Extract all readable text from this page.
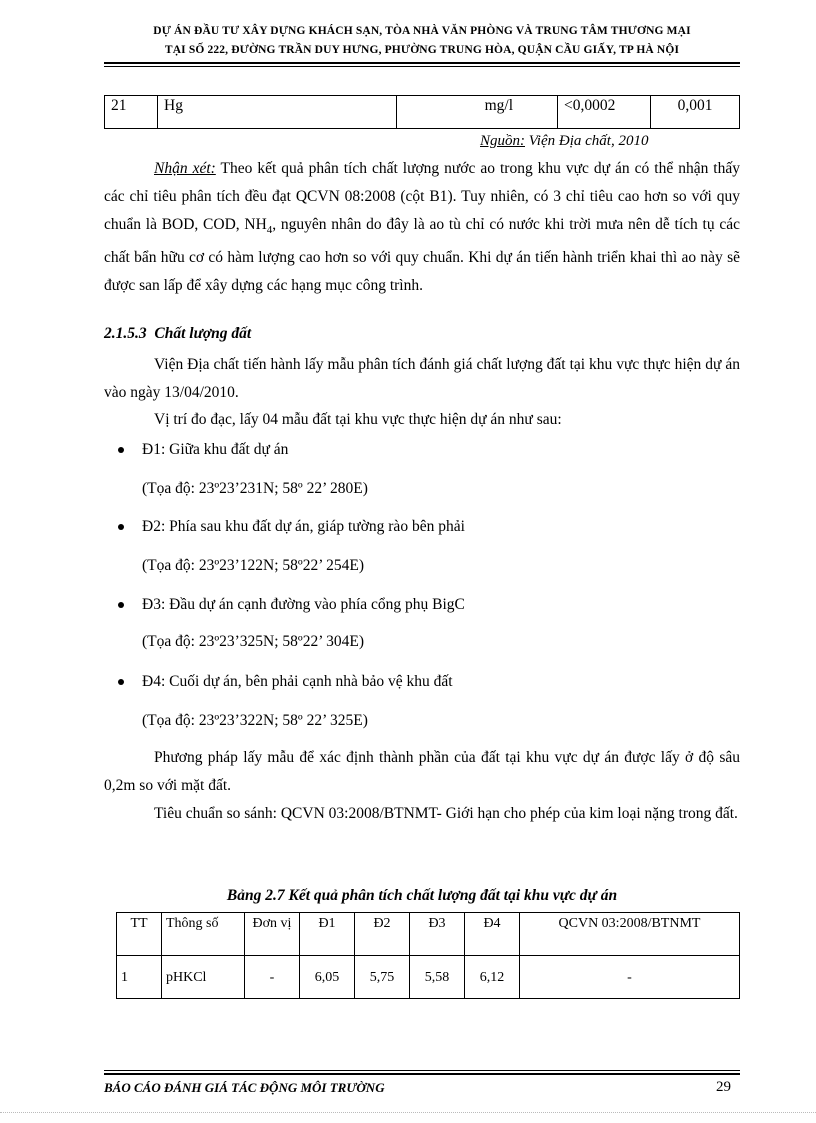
DỰ ÁN ĐẦU TƯ XÂY DỰNG KHÁCH SẠN, TÒA NHÀ VĂN PHÒNG VÀ TRUNG TÂM THƯƠNG MẠI
TẠI SỐ 222, ĐƯỜNG TRẦN DUY HƯNG, PHƯỜNG TRUNG HÒA, QUẬN CẦU GIẤY, TP HÀ NỘI
21	Hg	mg/l	<0,0002	0,001
Nguồn: Viện Địa chất, 2010
Nhận xét: Theo kết quả phân tích chất lượng nước ao trong khu vực dự án có thể nhận thấy các chỉ tiêu phân tích đều đạt QCVN 08:2008 (cột B1). Tuy nhiên, có 3 chỉ tiêu cao hơn so với quy chuẩn là BOD, COD, $NH_4$, nguyên nhân do đây là ao tù chỉ có nước khi trời mưa nên dễ tích tụ các chất bẩn hữu cơ có hàm lượng cao hơn so với quy chuẩn. Khi dự án tiến hành triển khai thì ao này sẽ được san lấp để xây dựng các hạng mục công trình.
2.1.5.3 Chất lượng đất
Viện Địa chất tiến hành lấy mẫu phân tích đánh giá chất lượng đất tại khu vực thực hiện dự án vào ngày 13/04/2010.
Vị trí đo đạc, lấy 04 mẫu đất tại khu vực thực hiện dự án như sau:
Đ1: Giữa khu đất dự án
(Tọa độ: 23º23’231N; 58º 22’ 280E)
Đ2: Phía sau khu đất dự án, giáp tường rào bên phải
(Tọa độ: 23º23’122N; 58º22’ 254E)
Đ3: Đầu dự án cạnh đường vào phía cổng phụ BigC
(Tọa độ: 23º23’325N; 58º22’ 304E)
Đ4: Cuối dự án, bên phải cạnh nhà bảo vệ khu đất
(Tọa độ: 23º23’322N; 58º 22’ 325E)
Phương pháp lấy mẫu để xác định thành phần của đất tại khu vực dự án được lấy ở độ sâu 0,2m so với mặt đất.
Tiêu chuẩn so sánh: QCVN 03:2008/BTNMT- Giới hạn cho phép của kim loại nặng trong đất.
Bảng 2.7 Kết quả phân tích chất lượng đất tại khu vực dự án
TT	Thông số	Đơn vị	Đ1	Đ2	Đ3	Đ4	QCVN 03:2008/BTNMT
1	pHKCl	-	6,05	5,75	5,58	6,12	-
BÁO CÁO ĐÁNH GIÁ TÁC ĐỘNG MÔI TRƯỜNG	29
